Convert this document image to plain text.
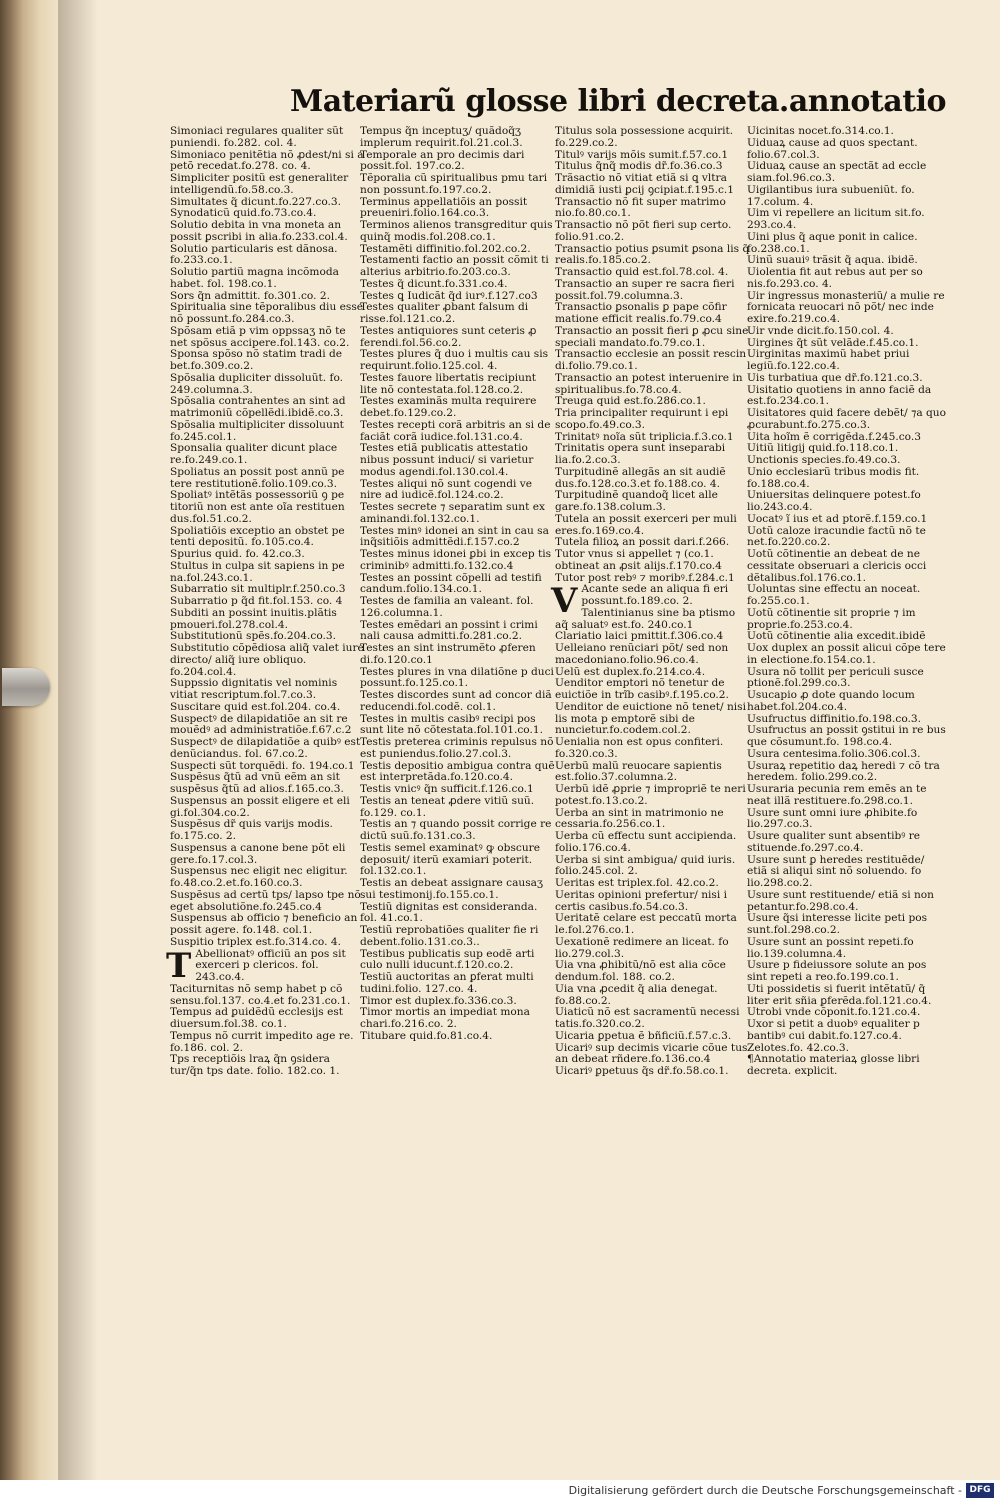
Materiarũ glosse libri decreta.annotatio

Simoniaci regulares qualiter sũt puniendi. fo.282. col. 4.

Simoniaco penitẽtia nõ ꝓdest/ni si a petõ recedat.fo.278. co. 4.

Simpliciter positũ est generaliter intelligendũ.fo.58.co.3.

Simultates q̃ dicunt.fo.227.co.3.

Synodaticũ quid.fo.73.co.4.

Solutio debita in vna moneta an possit ꝑscribi in alia.fo.233.col.4.

Solutio particularis est dãnosa. fo.233.co.1.

Solutio partiũ magna incõmoda habet. fol. 198.co.1.

Sors q̃n admittit. fo.301.co. 2.

Spiritualia sine tẽporalibus diu esse nõ possunt.fo.284.co.3.

Spõsam etiã p vim oppssaʒ nõ te net spõsus accipere.fol.143. co.2.

Sponsa spõso nõ statim tradi de bet.fo.309.co.2.

Spõsalia dupliciter dissoluũt. fo. 249.columna.3.

Spõsalia contrahentes an sint ad matrimoniũ cõpellẽdi.ibidẽ.co.3.

Spõsalia multipliciter dissoluunt fo.245.col.1.

Sponsalia qualiter dicunt place re.fo.249.co.1.

Spoliatus an possit post annũ pe tere restitutionẽ.folio.109.co.3.

Spoliatꝰ intẽtãs possessoriũ ꝯ pe titoriũ non est ante oĩa restituen dus.fol.51.co.2.

Spoliatiõis exceptio an obstet pe tenti depositũ. fo.105.co.4.

Spurius quid. fo. 42.co.3.

Stultus in culpa sit sapiens in pe na.fol.243.co.1.

Subarratio sit multiplr.f.250.co.3

Subarratio p q̃d fit.fol.153. co. 4

Subditi an possint inuitis.plãtis pmoueri.fol.278.col.4.

Substitutionũ spẽs.fo.204.co.3.

Substitutio cõpẽdiosa aliq̃ valet iure directo/ aliq̃ iure obliquo. fo.204.col.4.

Suppssio dignitatis vel nominis vitiat rescriptum.fol.7.co.3.

Suscitare quid est.fol.204. co.4.

Suspectꝰ de dilapidatiõe an sit re mouẽdꝰ ad administratiõe.f.67.c.2

Suspectꝰ de dilapidatiõe a quibꝰ est denũciandus. fol. 67.co.2.

Suspecti sũt torquẽdi. fo. 194.co.1

Suspẽsus q̃tũ ad vnũ eẽm an sit suspẽsus q̃tũ ad alios.f.165.co.3.

Suspensus an possit eligere et eli gi.fol.304.co.2.

Suspẽsus dr̃ quis varijs modis. fo.175.co. 2.

Suspensus a canone bene põt eli gere.fo.17.col.3.

Suspensus nec eligit nec eligitur. fo.48.co.2.et.fo.160.co.3.

Suspẽsus ad certũ tps/ lapso tpe nõ eget absolutiõne.fo.245.co.4

Suspensus ab officio ⁊ beneficio an possit agere. fo.148. col.1.

Suspitio triplex est.fo.314.co. 4.

T Abellionatꝰ officiũ an pos sit exerceri p clericos. fol. 243.co.4.

Taciturnitas nõ semp habet p cõ sensu.fol.137. co.4.et fo.231.co.1.

Tempus ad ꝑuidẽdũ ecclesijs est diuersum.fol.38. co.1.

Tempus nõ currit impedito age re. fo.186. col. 2.

Tps receptiõis lraꝝ q̃n ꝯsidera tur/q̃n tps date. folio. 182.co. 1.

Tempus q̃n inceptuʒ/ quãdoq̃ʒ implerum requirit.fol.21.col.3.

Temporale an pro decimis dari possit.fol. 197.co.2.

Tẽporalia cũ spiritualibus pmu tari non possunt.fo.197.co.2.

Terminus appellatiõis an possit preueniri.folio.164.co.3.

Terminos alienos transgreditur quis quinq̃ modis.fol.208.co.1.

Testamẽti diffinitio.fol.202.co.2.

Testamenti factio an possit cõmit ti alterius arbitrio.fo.203.co.3.

Testes q̃ dicunt.fo.331.co.4.

Testes ꝗ Iudicãt q̃d iurꝰ.f.127.co3

Testes qualiter ꝓbant falsum di risse.fol.121.co.2.

Testes antiquiores sunt ceteris ꝓ ferendi.fol.56.co.2.

Testes plures q̃ duo i multis cau sis requirunt.folio.125.col. 4.

Testes fauore libertatis recipiunt lite nõ contestata.fol.128.co.2.

Testes examinãs multa requirere debet.fo.129.co.2.

Testes recepti corã arbitris an si de faciãt corã iudice.fol.131.co.4.

Testes etiã publicatis attestatio nibus possunt induci/ si varietur modus agendi.fol.130.col.4.

Testes aliqui nõ sunt cogendi ve nire ad iudicẽ.fol.124.co.2.

Testes secrete ⁊ separatim sunt ex aminandi.fol.132.co.1.

Testes minꝰ idonei an sint in cau sa inq̃sitiõis admittẽdi.f.157.co.2

Testes minus idonei ꝑbi in excep tis criminibꝰ admitti.fo.132.co.4

Testes an possint cõpelli ad testifi candum.folio.134.co.1.

Testes de familia an valeant. fol. 126.columna.1.

Testes emẽdari an possint i crimi nali causa admitti.fo.281.co.2.

Testes an sint instrumẽto ꝓferen di.fo.120.co.1

Testes plures in vna dilatiõne p duci possunt.fo.125.co.1.

Testes discordes sunt ad concor diã reducendi.fol.codẽ. col.1.

Testes in multis casibꝰ recipi pos sunt lite nõ cõtestata.fol.101.co.1.

Testis preterea criminis repulsus nõ est puniendus.folio.27.col.3.

Testis depositio ambigua contra quẽ est interpretãda.fo.120.co.4.

Testis vnicꝰ q̃n sufficit.f.126.co.1

Testis an teneat ꝓdere vitiũ suũ. fo.129. co.1.

Testis an ⁊ quando possit corrige re dictũ suũ.fo.131.co.3.

Testis semel examinatꝰ ꝙ obscure deposuit/ iterũ examiari poterit. fol.132.co.1.

Testis an debeat assignare causaʒ sui testimonij.fo.155.co.1.

Testiũ dignitas est consideranda. fol. 41.co.1.

Testiũ reprobatiões qualiter fie ri debent.folio.131.co.3..

Testibus publicatis sup eodẽ arti culo nulli iducunt.f.120.co.2.

Testiũ auctoritas an ꝑferat multi tudini.folio. 127.co. 4.

Timor est duplex.fo.336.co.3.

Timor mortis an impediat mona chari.fo.216.co. 2.

Titubare quid.fo.81.co.4.

Titulus sola possessione acquirit. fo.229.co.2.

Titulꝰ varijs mõis sumit.f.57.co.1

Titulus q̃nq̃ modis dr̃.fo.36.co.3

Trãsactio nõ vitiat etiã si ꝗ vltra dimidiã iusti ꝑcij ꝯcipiat.f.195.c.1

Transactio nõ fit super matrimo nio.fo.80.co.1.

Transactio nõ põt fieri sup certo. folio.91.co.2.

Transactio potius ꝑsumit ꝑsona lis q̃ realis.fo.185.co.2.

Transactio quid est.fol.78.col. 4.

Transactio an super re sacra fieri possit.fol.79.columna.3.

Transactio ꝑsonalis ꝑ pape cõfir matione efficit realis.fo.79.co.4

Transactio an possit fieri ꝑ ꝓcu sine speciali mandato.fo.79.co.1.

Transactio ecclesie an possit rescin di.folio.79.co.1.

Transactio an potest interuenire in spiritualibus.fo.78.co.4.

Treuga quid est.fo.286.co.1.

Tria principaliter requirunt i epi scopo.fo.49.co.3.

Trinitatꝰ noĩa sũt triplicia.f.3.co.1

Trinitatis opera sunt inseparabi lia.fo.2.co.3.

Turpitudinẽ allegãs an sit audiẽ dus.fo.128.co.3.et fo.188.co. 4.

Turpitudinẽ quandoq̃ licet alle gare.fo.138.colum.3.

Tutela an possit exerceri per muli eres.fo.169.co.4.

Tutela filioꝝ an possit dari.f.266.

Tutor vnus si appellet ⁊ (co.1. obtineat an ꝓsit alijs.f.170.co.4

Tutor post rebꝰ ⁊ moribꝰ.f.284.c.1

V Acante sede an aliqua fi eri possunt.fo.189.co. 2.

Talentinianus sine ba ptismo aq̃ saluatꝰ est.fo. 240.co.1

Clariatio laici pmittit.f.306.co.4

Uelleiano renũciari põt/ sed non macedoniano.folio.96.co.4.

Uelũ est duplex.fo.214.co.4.

Uenditor emptori nõ tenetur de euictiõe in trĩb casibꝰ.f.195.co.2.

Uenditor de euictione nõ tenet/ nisi lis mota p emptorẽ sibi de nuncietur.fo.codem.col.2.

Uenialia non est opus confiteri. fo.320.co.3.

Uerbũ malũ reuocare sapientis est.folio.37.columna.2.

Uerbũ idẽ ꝓprie ⁊ impropriẽ te neri potest.fo.13.co.2.

Uerba an sint in matrimonio ne cessaria.fo.256.co.1.

Uerba cũ effectu sunt accipienda. folio.176.co.4.

Uerba si sint ambigua/ quid iuris. folio.245.col. 2.

Ueritas est triplex.fol. 42.co.2.

Ueritas opinioni prefertur/ nisi i certis casibus.fo.54.co.3.

Ueritatẽ celare est peccatũ morta le.fol.276.co.1.

Uexationẽ redimere an liceat. fo lio.279.col.3.

Uia vna ꝓhibitũ/nõ est alia cõce dendum.fol. 188. co.2.

Uia vna ꝓcedit q̃ alia denegat. fo.88.co.2.

Uiaticũ nõ est sacramentũ necessi tatis.fo.320.co.2.

Uicaria ꝑpetua ẽ bñficiũ.f.57.c.3.

Uicariꝰ sup decimis vicarie cõue tus an debeat rñdere.fo.136.co.4

Uicariꝰ ꝑpetuus q̃s dr̃.fo.58.co.1.

Uicinitas nocet.fo.314.co.1.

Uiduaꝝ cause ad quos spectant. folio.67.col.3.

Uiduaꝝ cause an spectãt ad eccle siam.fol.96.co.3.

Uigilantibus iura subueniũt. fo. 17.colum. 4.

Uim vi repellere an licitum sit.fo. 293.co.4.

Uini plus q̃ aque ponit in calice. fo.238.co.1.

Uinũ suauiꝰ trãsit q̃ aqua. ibidẽ.

Uiolentia fit aut rebus aut per so nis.fo.293.co. 4.

Uir ingressus monasteriũ/ a mulie re fornicata reuocari nõ põt/ nec inde exire.fo.219.co.4.

Uir vnde dicit.fo.150.col. 4.

Uirgines q̃t sũt velãde.f.45.co.1.

Uirginitas maximũ habet priui legiũ.fo.122.co.4.

Uis turbatiua que dr̃.fo.121.co.3.

Uisitatio quotiens in anno faciẽ da est.fo.234.co.1.

Uisitatores quid facere debẽt/ ⁊a quo ꝓcurabunt.fo.275.co.3.

Uita hoĩm ẽ corrigẽda.f.245.co.3

Uitiũ litigij quid.fo.118.co.1.

Unctionis species.fo.49.co.3.

Unio ecclesiarũ tribus modis fit. fo.188.co.4.

Uniuersitas delinquere potest.fo lio.243.co.4.

Uocatꝰ ĩ ius et ad ptorẽ.f.159.co.1

Uotũ caloze iracundie factũ nõ te net.fo.220.co.2.

Uotũ cõtinentie an debeat de ne cessitate obseruari a clericis occi dẽtalibus.fol.176.co.1.

Uoluntas sine effectu an noceat. fo.255.co.1.

Uotũ cõtinentie sit proprie ⁊ im proprie.fo.253.co.4.

Uotũ cõtinentie alia excedit.ibidẽ

Uox duplex an possit alicui cõpe tere in electione.fo.154.co.1.

Usura nõ tollit per periculi susce ptionẽ.fol.299.co.3.

Usucapio ꝓ dote quando locum habet.fol.204.co.4.

Usufructus diffinitio.fo.198.co.3.

Usufructus an possit ꝯstitui in re bus que cõsumunt.fo. 198.co.4.

Usura centesima.folio.306.col.3.

Usuraꝝ repetitio daꝝ heredi ⁊ cõ tra heredem. folio.299.co.2.

Usuraria pecunia rem emẽs an te neat illã restituere.fo.298.co.1.

Usure sunt omni iure ꝓhibite.fo lio.297.co.3.

Usure qualiter sunt absentibꝰ re stituende.fo.297.co.4.

Usure sunt ꝑ heredes restituẽde/ etiã si aliqui sint nõ soluendo. fo lio.298.co.2.

Usure sunt restituende/ etiã si non petantur.fo.298.co.4.

Usure q̃si interesse licite peti pos sunt.fol.298.co.2.

Usure sunt an possint repeti.fo lio.139.columna.4.

Usure p fideiussore solute an pos sint repeti a reo.fo.199.co.1.

Uti possidetis si fuerit intẽtatũ/ q̃ liter erit sñia ꝑferẽda.fol.121.co.4.

Utrobi vnde cõponit.fo.121.co.4.

Uxor si petit a duobꝰ equaliter p bantibꝰ cui dabit.fo.127.co.4.

Zelotes.fo. 42.co.3.

¶Annotatio materiaꝝ glosse libri decreta. explicit.

Digitalisierung gefördert durch die Deutsche Forschungsgemeinschaft - DFG
